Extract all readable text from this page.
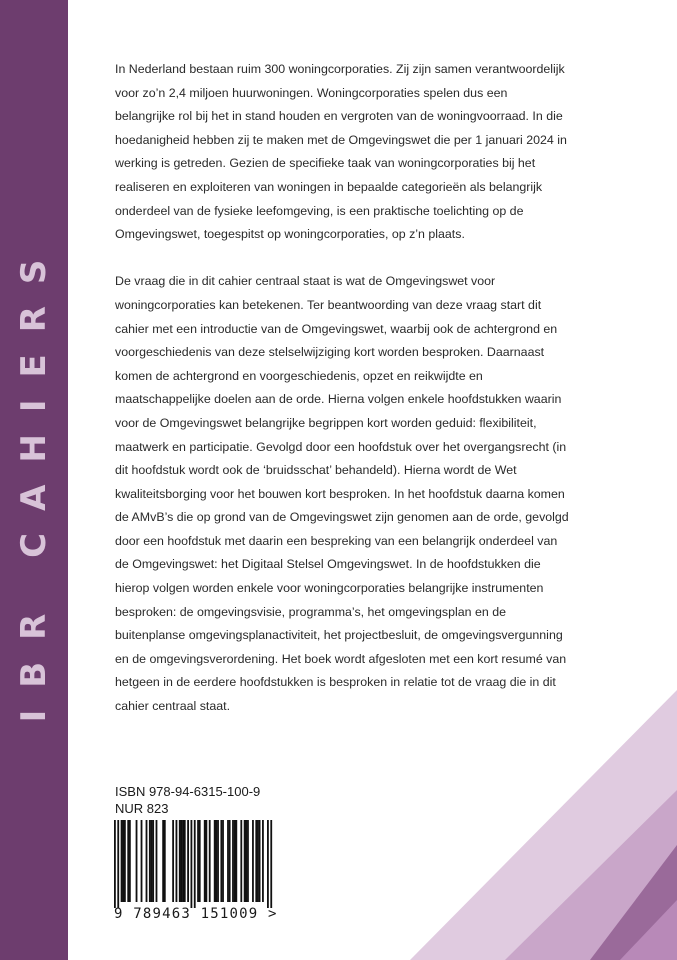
IBR CAHIERS

In Nederland bestaan ruim 300 woningcorporaties. Zij zijn samen verantwoordelijk voor zo’n 2,4 miljoen huurwoningen. Woningcorporaties spelen dus een belangrijke rol bij het in stand houden en vergroten van de woningvoorraad. In die hoedanigheid hebben zij te maken met de Omgevingswet die per 1 januari 2024 in werking is getreden. Gezien de specifieke taak van woningcorporaties bij het realiseren en exploiteren van woningen in bepaalde categorieën als belangrijk onderdeel van de fysieke leefomgeving, is een praktische toelichting op de Omgevingswet, toegespitst op woningcorporaties, op z’n plaats.

De vraag die in dit cahier centraal staat is wat de Omgevingswet voor woningcorporaties kan betekenen. Ter beantwoording van deze vraag start dit cahier met een introductie van de Omgevingswet, waarbij ook de achtergrond en voorgeschiedenis van deze stelselwijziging kort worden besproken. Daarnaast komen de achtergrond en voorgeschiedenis, opzet en reikwijdte en maatschappelijke doelen aan de orde. Hierna volgen enkele hoofdstukken waarin voor de Omgevingswet belangrijke begrippen kort worden geduid: flexibiliteit, maatwerk en participatie. Gevolgd door een hoofdstuk over het overgangsrecht (in dit hoofdstuk wordt ook de ‘bruidsschat’ behandeld). Hierna wordt de Wet kwaliteitsborging voor het bouwen kort besproken. In het hoofdstuk daarna komen de AMvB’s die op grond van de Omgevingswet zijn genomen aan de orde, gevolgd door een hoofdstuk met daarin een bespreking van een belangrijk onderdeel van de Omgevingswet: het Digitaal Stelsel Omgevingswet. In de hoofdstukken die hierop volgen worden enkele voor woningcorporaties belangrijke instrumenten besproken: de omgevingsvisie, programma’s, het omgevingsplan en de buitenplanse omgevingsplanactiviteit, het projectbesluit, de omgevingsvergunning en de omgevingsverordening. Het boek wordt afgesloten met een kort resumé van hetgeen in de eerdere hoofdstukken is besproken in relatie tot de vraag die in dit cahier centraal staat.

ISBN 978-94-6315-100-9
NUR 823
9 789463 151009 >
